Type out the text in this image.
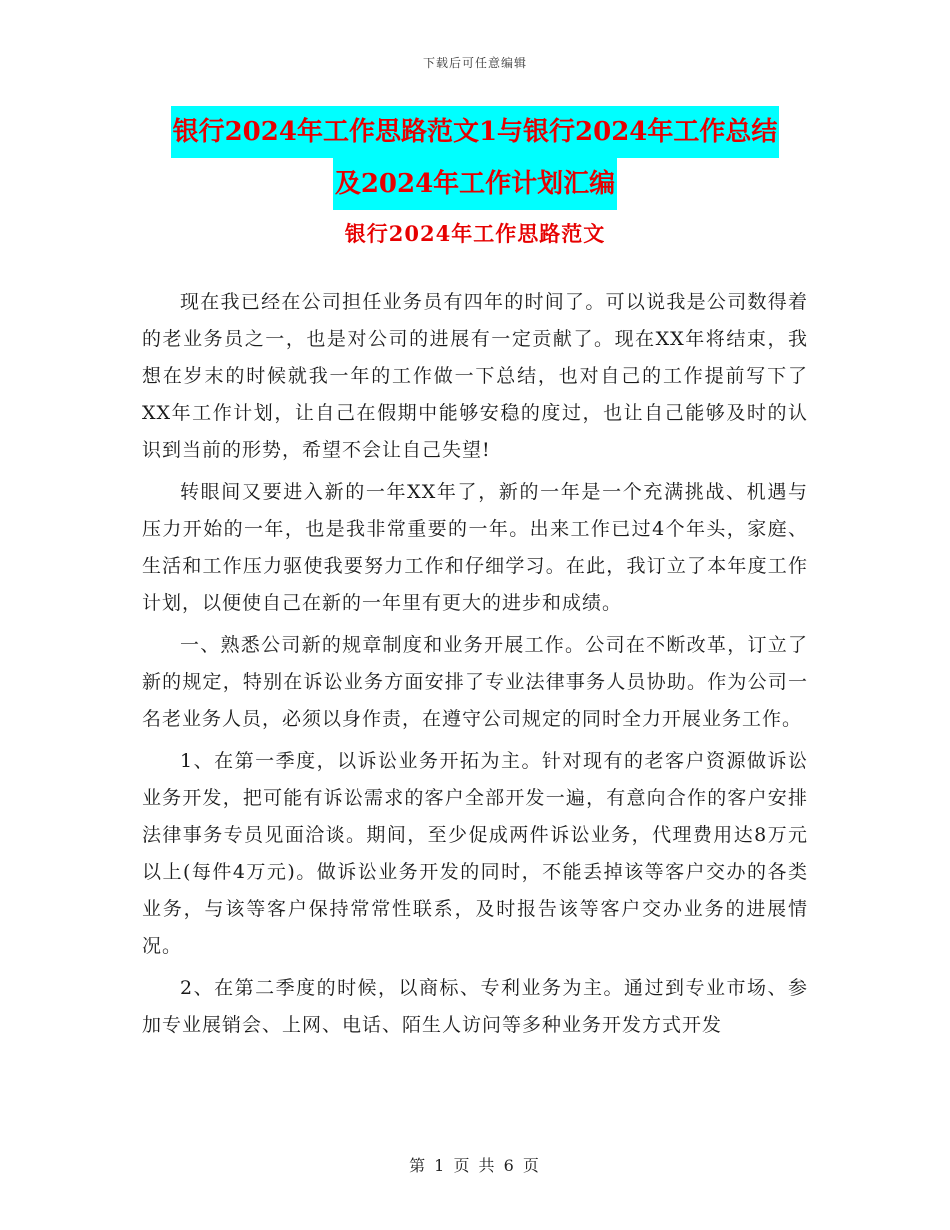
下载后可任意编辑
银行2024年工作思路范文1与银行2024年工作总结
及2024年工作计划汇编
银行2024年工作思路范文

现在我已经在公司担任业务员有四年的时间了。可以说我是公司数得着的老业务员之一，也是对公司的进展有一定贡献了。现在XX年将结束，我想在岁末的时候就我一年的工作做一下总结，也对自己的工作提前写下了XX年工作计划，让自己在假期中能够安稳的度过，也让自己能够及时的认识到当前的形势，希望不会让自己失望!

转眼间又要进入新的一年XX年了，新的一年是一个充满挑战、机遇与压力开始的一年，也是我非常重要的一年。出来工作已过4个年头，家庭、生活和工作压力驱使我要努力工作和仔细学习。在此，我订立了本年度工作计划，以便使自己在新的一年里有更大的进步和成绩。

一、熟悉公司新的规章制度和业务开展工作。公司在不断改革，订立了新的规定，特别在诉讼业务方面安排了专业法律事务人员协助。作为公司一名老业务人员，必须以身作责，在遵守公司规定的同时全力开展业务工作。

1、在第一季度，以诉讼业务开拓为主。针对现有的老客户资源做诉讼业务开发，把可能有诉讼需求的客户全部开发一遍，有意向合作的客户安排法律事务专员见面洽谈。期间，至少促成两件诉讼业务，代理费用达8万元以上(每件4万元)。做诉讼业务开发的同时，不能丢掉该等客户交办的各类业务，与该等客户保持常常性联系，及时报告该等客户交办业务的进展情况。

2、在第二季度的时候，以商标、专利业务为主。通过到专业市场、参加专业展销会、上网、电话、陌生人访问等多种业务开发方式开发

第 1 页 共 6 页
